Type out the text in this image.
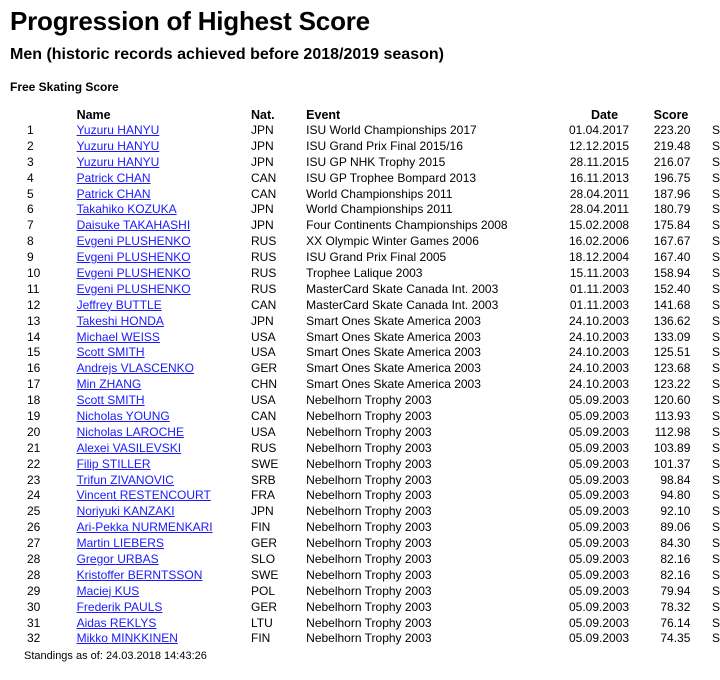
Progression of Highest Score
Men (historic records achieved before 2018/2019 season)
Free Skating Score
	Name	Nat.	Event	Date	Score	
1	Yuzuru HANYU	JPN	ISU World Championships 2017	01.04.2017	223.20	S
2	Yuzuru HANYU	JPN	ISU Grand Prix Final 2015/16	12.12.2015	219.48	S
3	Yuzuru HANYU	JPN	ISU GP NHK Trophy 2015	28.11.2015	216.07	S
4	Patrick CHAN	CAN	ISU GP Trophee Bompard 2013	16.11.2013	196.75	S
5	Patrick CHAN	CAN	World Championships 2011	28.04.2011	187.96	S
6	Takahiko KOZUKA	JPN	World Championships 2011	28.04.2011	180.79	S
7	Daisuke TAKAHASHI	JPN	Four Continents Championships 2008	15.02.2008	175.84	S
8	Evgeni PLUSHENKO	RUS	XX Olympic Winter Games 2006	16.02.2006	167.67	S
9	Evgeni PLUSHENKO	RUS	ISU Grand Prix Final 2005	18.12.2004	167.40	S
10	Evgeni PLUSHENKO	RUS	Trophee Lalique 2003	15.11.2003	158.94	S
11	Evgeni PLUSHENKO	RUS	MasterCard Skate Canada Int. 2003	01.11.2003	152.40	S
12	Jeffrey BUTTLE	CAN	MasterCard Skate Canada Int. 2003	01.11.2003	141.68	S
13	Takeshi HONDA	JPN	Smart Ones Skate America 2003	24.10.2003	136.62	S
14	Michael WEISS	USA	Smart Ones Skate America 2003	24.10.2003	133.09	S
15	Scott SMITH	USA	Smart Ones Skate America 2003	24.10.2003	125.51	S
16	Andrejs VLASCENKO	GER	Smart Ones Skate America 2003	24.10.2003	123.68	S
17	Min ZHANG	CHN	Smart Ones Skate America 2003	24.10.2003	123.22	S
18	Scott SMITH	USA	Nebelhorn Trophy 2003	05.09.2003	120.60	S
19	Nicholas YOUNG	CAN	Nebelhorn Trophy 2003	05.09.2003	113.93	S
20	Nicholas LAROCHE	USA	Nebelhorn Trophy 2003	05.09.2003	112.98	S
21	Alexei VASILEVSKI	RUS	Nebelhorn Trophy 2003	05.09.2003	103.89	S
22	Filip STILLER	SWE	Nebelhorn Trophy 2003	05.09.2003	101.37	S
23	Trifun ZIVANOVIC	SRB	Nebelhorn Trophy 2003	05.09.2003	98.84	S
24	Vincent RESTENCOURT	FRA	Nebelhorn Trophy 2003	05.09.2003	94.80	S
25	Noriyuki KANZAKI	JPN	Nebelhorn Trophy 2003	05.09.2003	92.10	S
26	Ari-Pekka NURMENKARI	FIN	Nebelhorn Trophy 2003	05.09.2003	89.06	S
27	Martin LIEBERS	GER	Nebelhorn Trophy 2003	05.09.2003	84.30	S
28	Gregor URBAS	SLO	Nebelhorn Trophy 2003	05.09.2003	82.16	S
28	Kristoffer BERNTSSON	SWE	Nebelhorn Trophy 2003	05.09.2003	82.16	S
29	Maciej KUS	POL	Nebelhorn Trophy 2003	05.09.2003	79.94	S
30	Frederik PAULS	GER	Nebelhorn Trophy 2003	05.09.2003	78.32	S
31	Aidas REKLYS	LTU	Nebelhorn Trophy 2003	05.09.2003	76.14	S
32	Mikko MINKKINEN	FIN	Nebelhorn Trophy 2003	05.09.2003	74.35	S
Standings as of: 24.03.2018 14:43:26
